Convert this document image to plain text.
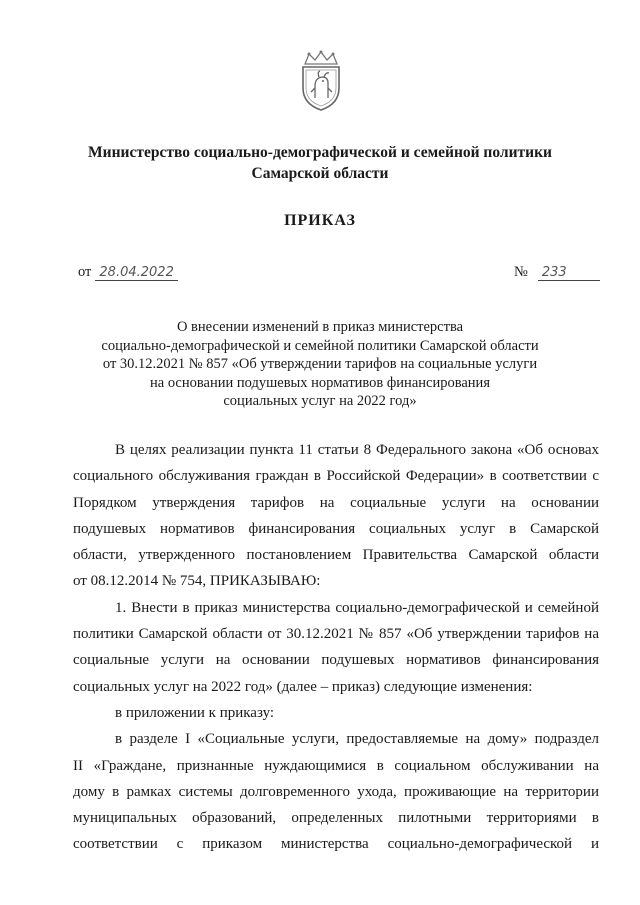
Министерство социально-демографической и семейной политики
Самарской области
ПРИКАЗ
от 28.04.2022	№ 233
О внесении изменений в приказ министерства
социально-демографической и семейной политики Самарской области
от 30.12.2021 № 857 «Об утверждении тарифов на социальные услуги
на основании подушевых нормативов финансирования
социальных услуг на 2022 год»
В целях реализации пункта 11 статьи 8 Федерального закона «Об основах
социального обслуживания граждан в Российской Федерации» в соответствии с
Порядком утверждения тарифов на социальные услуги на основании
подушевых нормативов финансирования социальных услуг в Самарской
области, утвержденного постановлением Правительства Самарской области
от 08.12.2014 № 754, ПРИКАЗЫВАЮ:
1. Внести в приказ министерства социально-демографической и семейной
политики Самарской области от 30.12.2021 № 857 «Об утверждении тарифов на
социальные услуги на основании подушевых нормативов финансирования
социальных услуг на 2022 год» (далее – приказ) следующие изменения:
в приложении к приказу:
в разделе I «Социальные услуги, предоставляемые на дому» подраздел
II «Граждане, признанные нуждающимися в социальном обслуживании на
дому в рамках системы долговременного ухода, проживающие на территории
муниципальных образований, определенных пилотными территориями в
соответствии с приказом министерства социально-демографической и
